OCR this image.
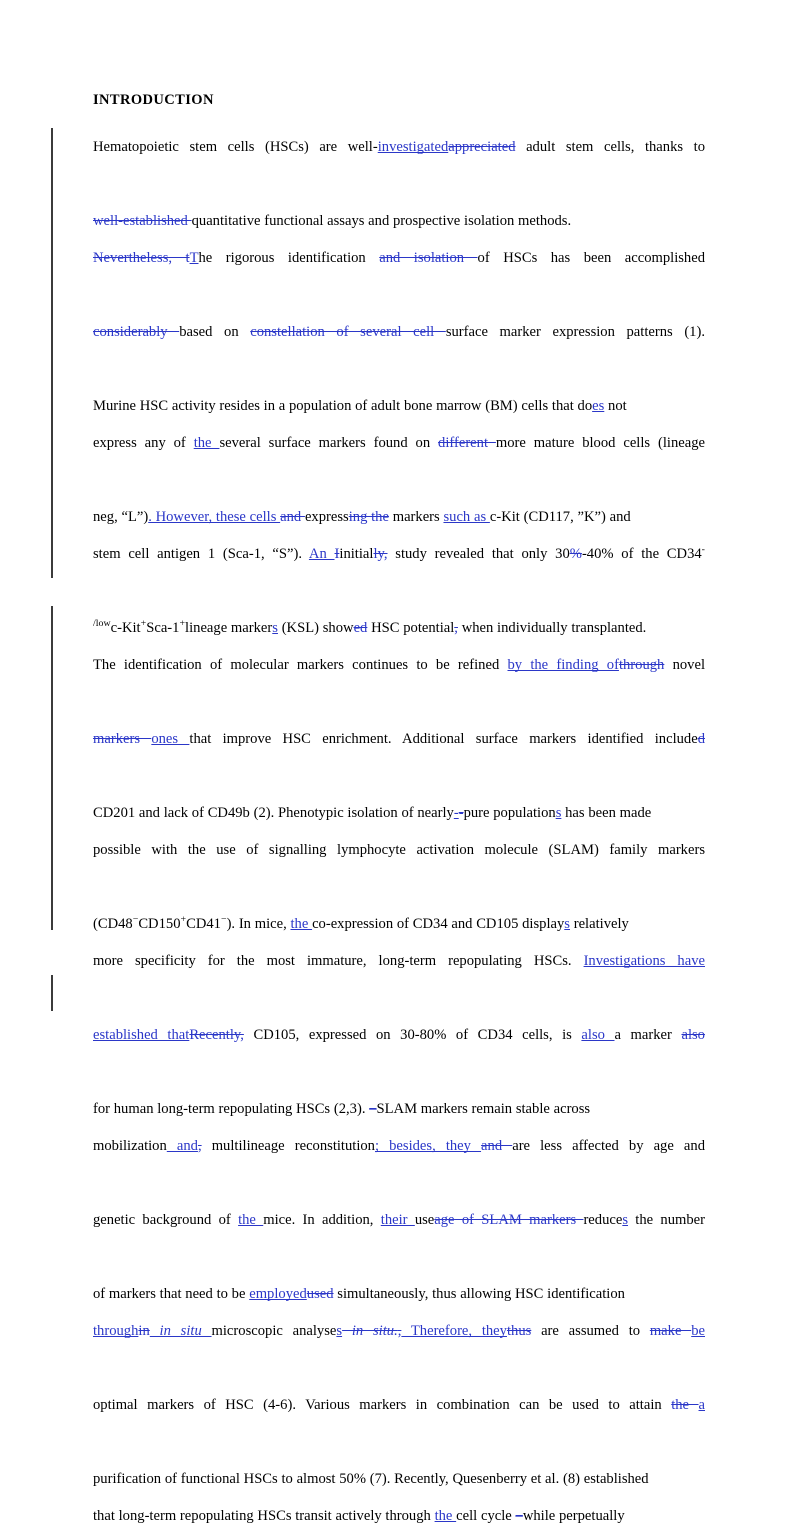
INTRODUCTION

Hematopoietic stem cells (HSCs) are well-investigatedappreciated adult stem cells, thanks to

well-established quantitative functional assays and prospective isolation methods.

Nevertheless, tThe rigorous identification and isolation of HSCs has been accomplished

considerably based on constellation of several cell surface marker expression patterns (1).

Murine HSC activity resides in a population of adult bone marrow (BM) cells that does not

express any of the several surface markers found on different more mature blood cells (lineage

neg, “L”). However, these cells and expressing the markers such as c-Kit (CD117, ”K”) and

stem cell antigen 1 (Sca-1, “S”). An Iinitially, study revealed that only 30%-40% of the CD34-

$^{/low}$c-Kit+Sca-1+lineage markers (KSL) showed HSC potential, when individually transplanted.

The identification of molecular markers continues to be refined by the finding ofthrough novel

markers ones that improve HSC enrichment. Additional surface markers identified included

CD201 and lack of CD49b (2). Phenotypic isolation of nearly--pure populations has been made

possible with the use of signalling lymphocyte activation molecule (SLAM) family markers

(CD48−CD150+CD41−). In mice, the co-expression of CD34 and CD105 displays relatively

more specificity for the most immature, long-term repopulating HSCs. Investigations have

established thatRecently, CD105, expressed on 30-80% of CD34 cells, is also a marker also

for human long-term repopulating HSCs (2,3). –SLAM markers remain stable across

mobilization and, multilineage reconstitution; besides, they and are less affected by age and

genetic background of the mice. In addition, their useage of SLAM markers reduces the number

of markers that need to be employedused simultaneously, thus allowing HSC identification

throughin in situ microscopic analyses in situ., Therefore, theythus are assumed to make be

optimal markers of HSC (4-6). Various markers in combination can be used to attain the a

purification of functional HSCs to almost 50% (7). Recently, Quesenberry et al. (8) established

that long-term repopulating HSCs transit actively through the cell cycle –while perpetually
